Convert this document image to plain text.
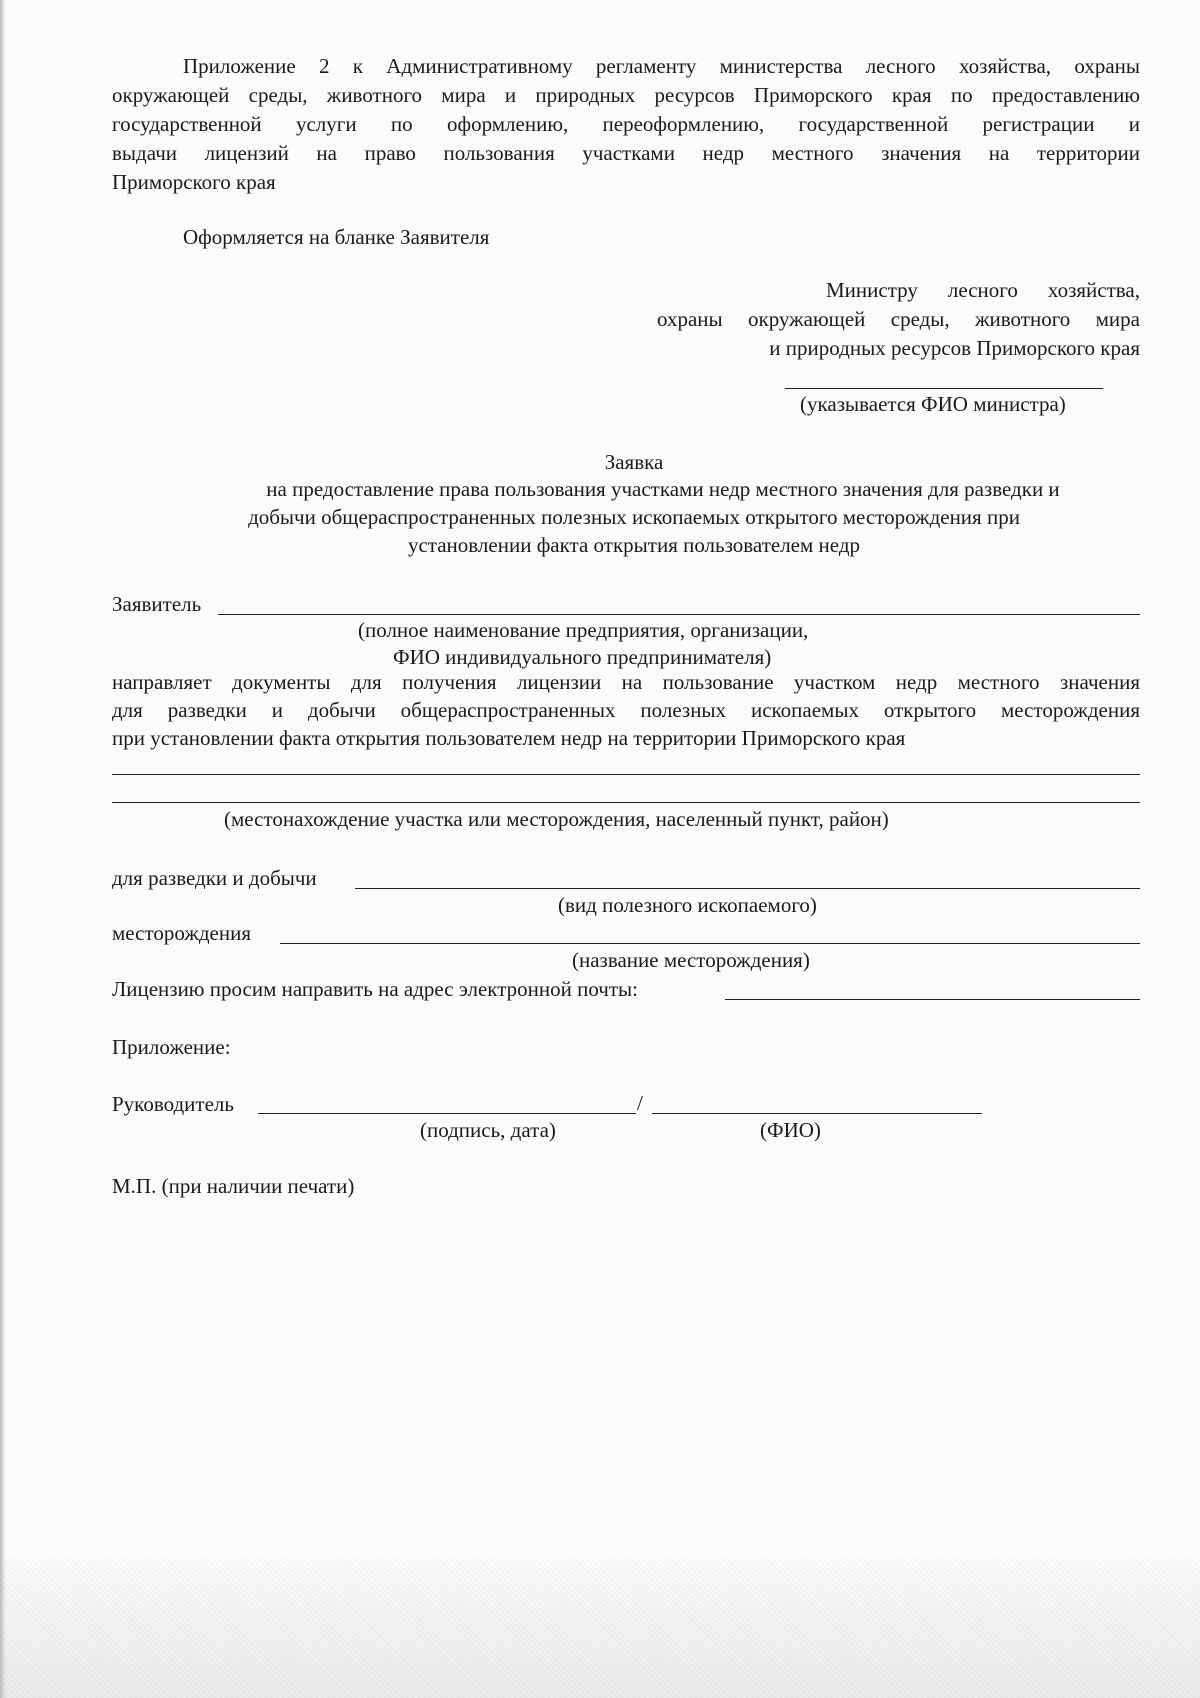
Приложение 2 к Административному регламенту министерства лесного хозяйства, охраны
окружающей среды, животного мира и природных ресурсов Приморского края по предоставлению
государственной услуги по оформлению, переоформлению, государственной регистрации и
выдачи лицензий на право пользования участками недр местного значения на территории
Приморского края
Оформляется на бланке Заявителя
Министру лесного хозяйства,
охраны окружающей среды, животного мира
и природных ресурсов Приморского края
(указывается ФИО министра)
Заявка
на предоставление права пользования участками недр местного значения для разведки и
добычи общераспространенных полезных ископаемых открытого месторождения при
установлении факта открытия пользователем недр
Заявитель
(полное наименование предприятия, организации,
ФИО индивидуального предпринимателя)
направляет документы для получения лицензии на пользование участком недр местного значения
для разведки и добычи общераспространенных полезных ископаемых открытого месторождения
при установлении факта открытия пользователем недр на территории Приморского края
(местонахождение участка или месторождения, населенный пункт, район)
для разведки и добычи
(вид полезного ископаемого)
месторождения
(название месторождения)
Лицензию просим направить на адрес электронной почты:
Приложение:
Руководитель	/
(подпись, дата)	(ФИО)
М.П. (при наличии печати)
